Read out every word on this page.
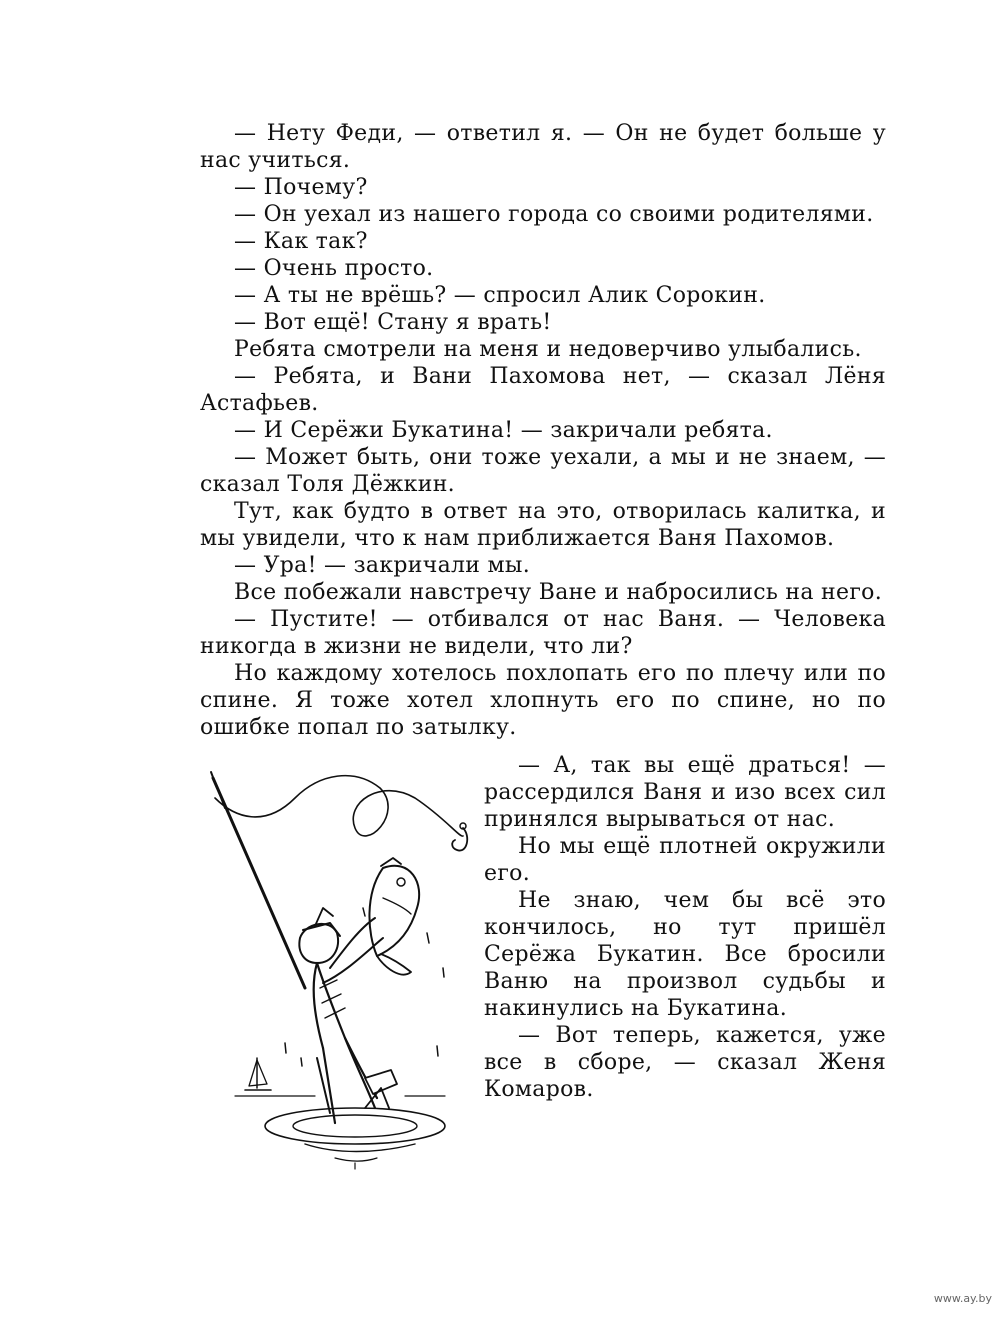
— Нету Феди, — ответил я. — Он не будет больше у нас учиться.

— Почему?

— Он уехал из нашего города со своими родителями.

— Как так?

— Очень просто.

— А ты не врёшь? — спросил Алик Сорокин.

— Вот ещё! Стану я врать!

Ребята смотрели на меня и недоверчиво улыбались.

— Ребята, и Вани Пахомова нет, — сказал Лёня Астафьев.

— И Серёжи Букатина! — закричали ребята.

— Может быть, они тоже уехали, а мы и не знаем, — сказал Толя Дёжкин.

Тут, как будто в ответ на это, отворилась калитка, и мы увидели, что к нам приближается Ваня Пахомов.

— Ура! — закричали мы.

Все побежали навстречу Ване и набросились на него.

— Пустите! — отбивался от нас Ваня. — Человека никогда в жизни не видели, что ли?

Но каждому хотелось похлопать его по плечу или по спине. Я тоже хотел хлопнуть его по спине, но по ошибке попал по затылку.

— А, так вы ещё драться! — рассердился Ваня и изо всех сил принялся вырываться от нас.

Но мы ещё плотней окружили его.

Не знаю, чем бы всё это кончилось, но тут пришёл Серёжа Букатин. Все бросили Ваню на произвол судьбы и накинулись на Букатина.

— Вот теперь, кажется, уже все в сборе, — сказал Женя Комаров.

www.ay.by
